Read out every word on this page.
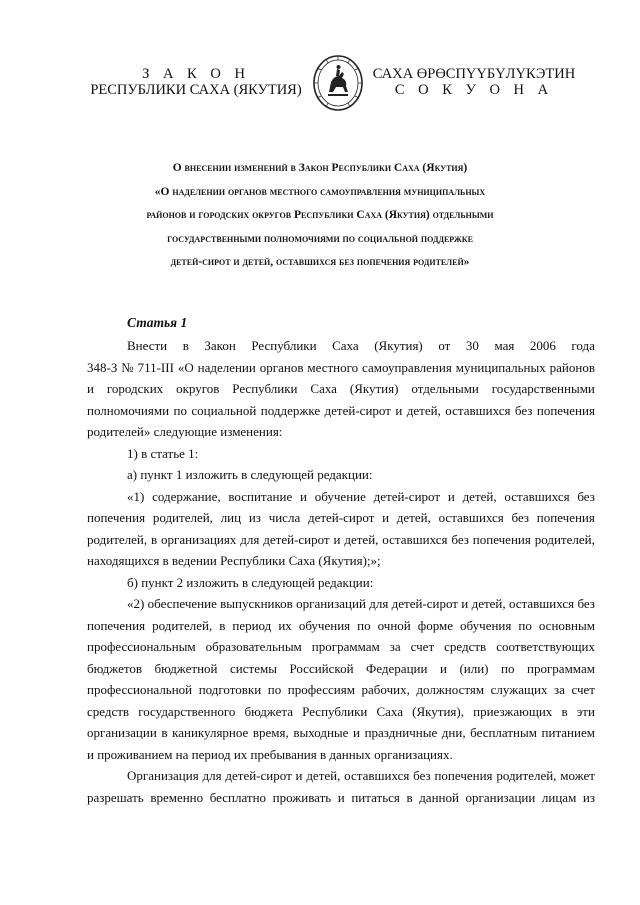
З А К О Н
РЕСПУБЛИКИ САХА (ЯКУТИЯ)
САХА ӨРӨСПҮҮБҮЛҮКЭТИН
С О К У О Н А
О внесении изменений в Закон Республики Саха (Якутия)
«О наделении органов местного самоуправления муниципальных
районов и городских округов Республики Саха (Якутия) отдельными
государственными полномочиями по социальной поддержке
детей-сирот и детей, оставшихся без попечения родителей»
Статья 1
Внести в Закон Республики Саха (Якутия) от 30 мая 2006 года
348-З № 711-III «О наделении органов местного самоуправления муниципальных районов
и городских округов Республики Саха (Якутия) отдельными государственными
полномочиями по социальной поддержке детей-сирот и детей, оставшихся без попечения
родителей» следующие изменения:
1) в статье 1:
а) пункт 1 изложить в следующей редакции:
«1) содержание, воспитание и обучение детей-сирот и детей, оставшихся без
попечения родителей, лиц из числа детей-сирот и детей, оставшихся без попечения
родителей, в организациях для детей-сирот и детей, оставшихся без попечения родителей,
находящихся в ведении Республики Саха (Якутия);»;
б) пункт 2 изложить в следующей редакции:
«2) обеспечение выпускников организаций для детей-сирот и детей, оставшихся без
попечения родителей, в период их обучения по очной форме обучения по основным
профессиональным образовательным программам за счет средств соответствующих
бюджетов бюджетной системы Российской Федерации и (или) по программам
профессиональной подготовки по профессиям рабочих, должностям служащих за счет
средств государственного бюджета Республики Саха (Якутия), приезжающих в эти
организации в каникулярное время, выходные и праздничные дни, бесплатным питанием
и проживанием на период их пребывания в данных организациях.
Организация для детей-сирот и детей, оставшихся без попечения родителей, может
разрешать временно бесплатно проживать и питаться в данной организации лицам из
